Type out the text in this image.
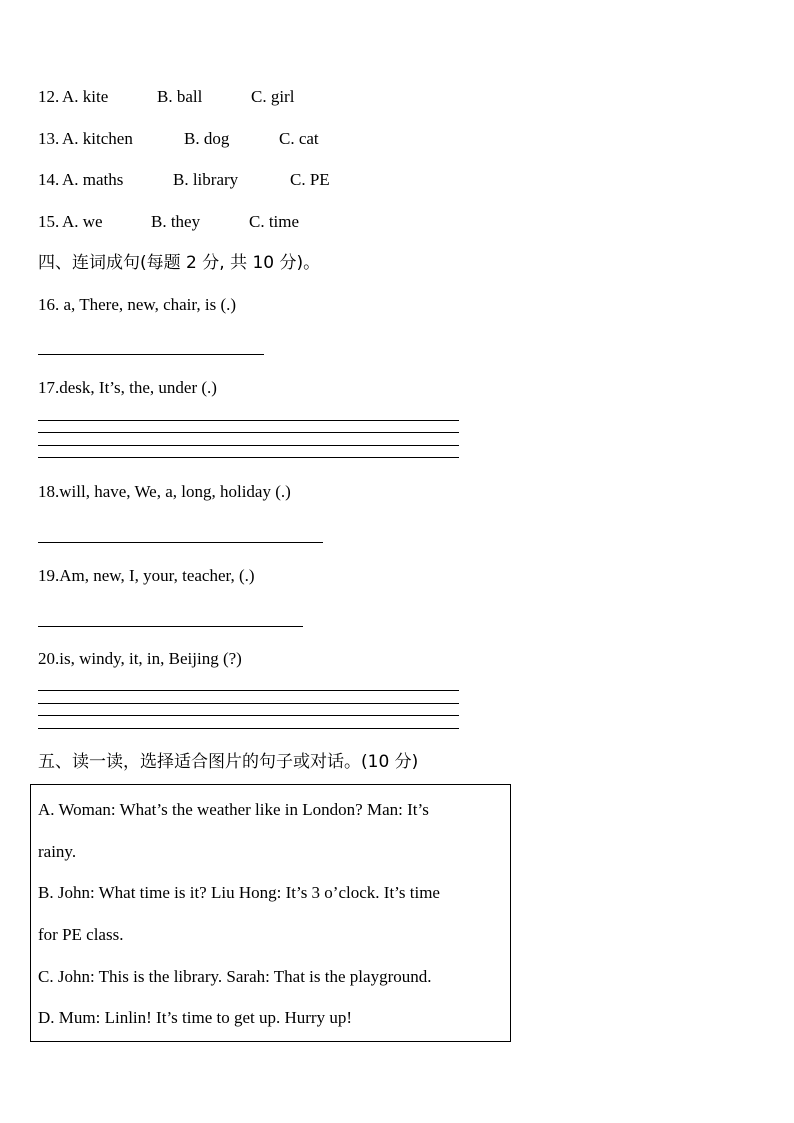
12. A. kite	B. ball	C. girl
13. A. kitchen	B. dog	C. cat
14. A. maths	B. library	C. PE
15. A. we	B. they	C. time
四、连词成句(每题 2 分, 共 10 分)。
16. a, There, new, chair, is (.)
17.desk, It’s, the, under (.)
18.will, have, We, a, long, holiday (.)
19.Am, new, I, your, teacher, (.)
20.is, windy, it, in, Beijing (?)
五、读一读，选择适合图片的句子或对话。(10 分)
A. Woman: What’s the weather like in London? Man: It’s
rainy.
B. John: What time is it? Liu Hong: It’s 3 o’clock. It’s time
for PE class.
C. John: This is the library. Sarah: That is the playground.
D. Mum: Linlin! It’s time to get up. Hurry up!
